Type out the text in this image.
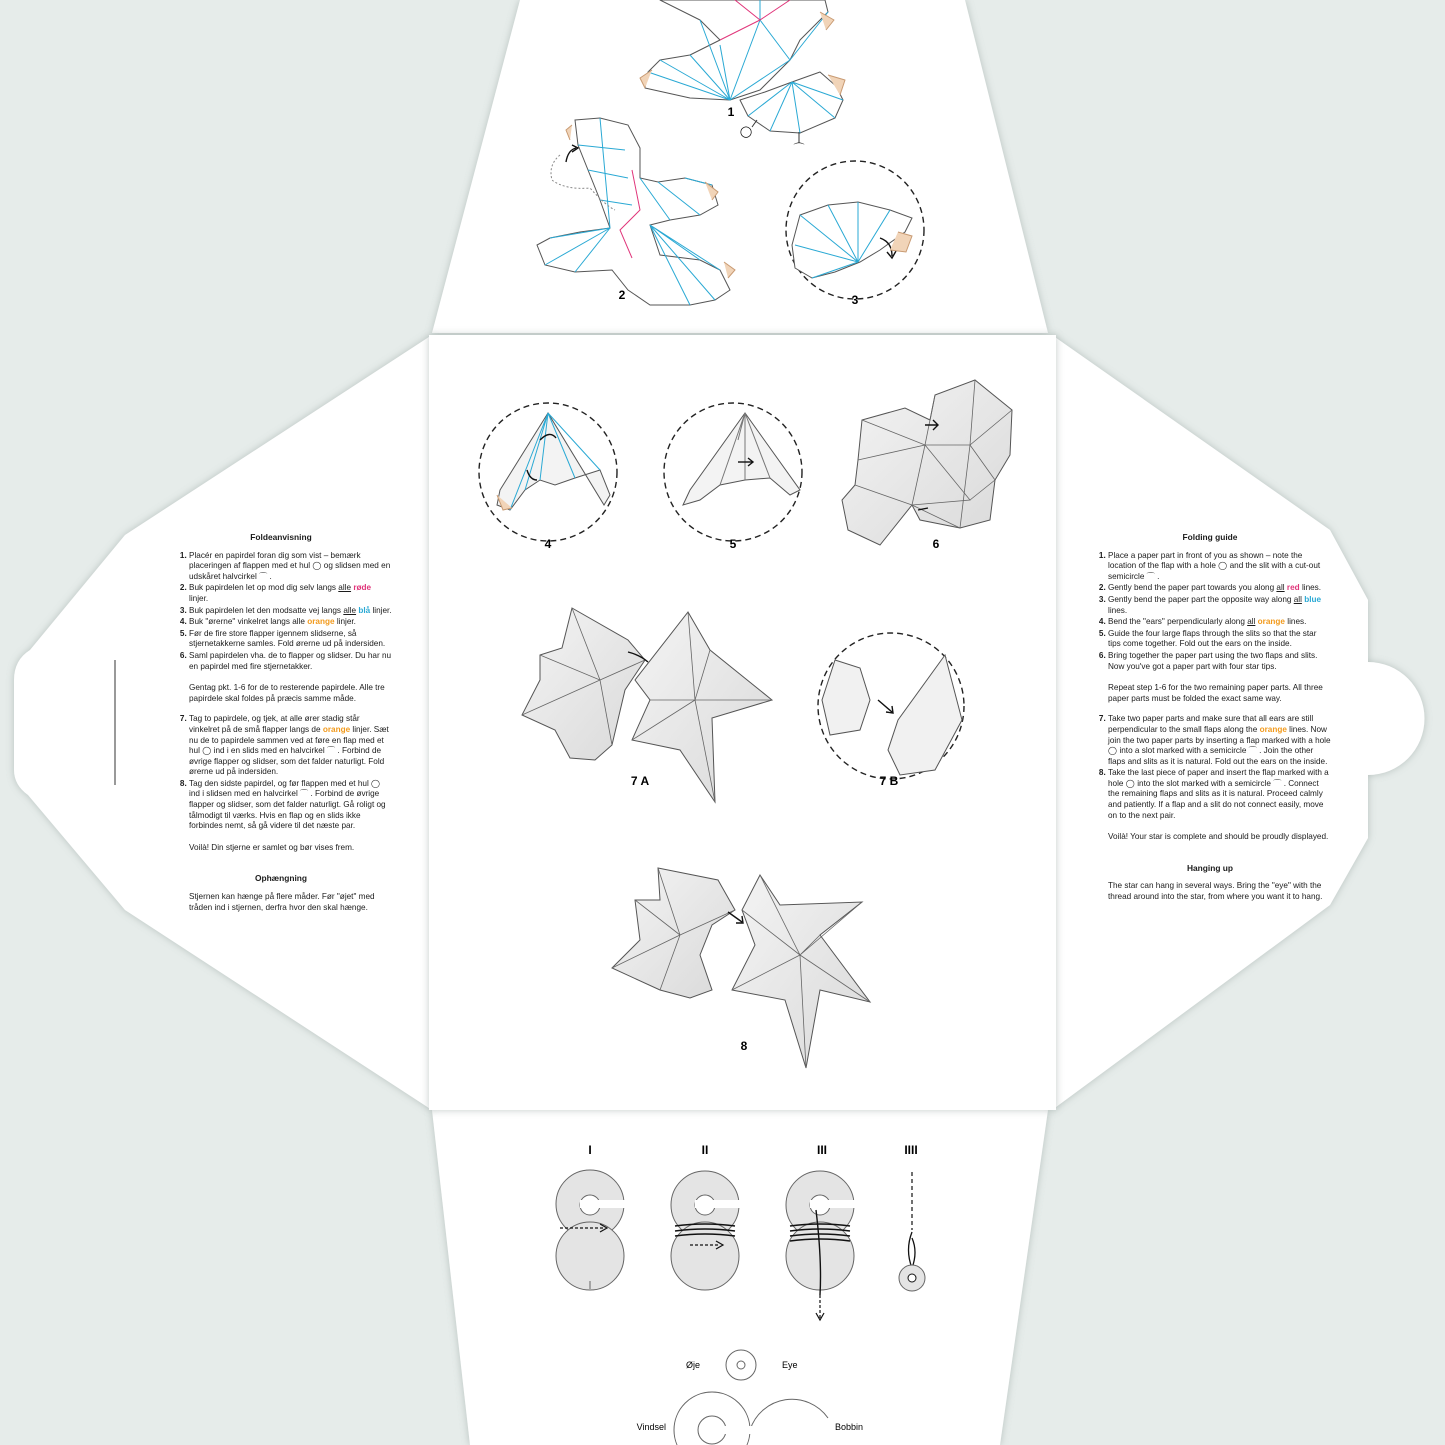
1
◯
⌒
2	3
4	5	6
7 A	7 B
8
I	II	III	IIII
Øje	Eye
Vindsel	Bobbin
Foldeanvisning
1. Placér en papirdel foran dig som vist – bemærk placeringen af flappen med et hul ◯ og slidsen med en udskåret halvcirkel ⌒ .
2. Buk papirdelen let op mod dig selv langs alle røde linjer.
3. Buk papirdelen let den modsatte vej langs alle blå linjer.
4. Buk "ørerne" vinkelret langs alle orange linjer.
5. Før de fire store flapper igennem slidserne, så stjernetakkerne samles. Fold ørerne ud på indersiden.
6. Saml papirdelen vha. de to flapper og slidser. Du har nu en papirdel med fire stjernetakker.

Gentag pkt. 1-6 for de to resterende papirdele. Alle tre papirdele skal foldes på præcis samme måde.

7. Tag to papirdele, og tjek, at alle ører stadig står vinkelret på de små flapper langs de orange linjer. Sæt nu de to papirdele sammen ved at føre en flap med et hul ◯ ind i en slids med en halvcirkel ⌒ . Forbind de øvrige flapper og slidser, som det falder naturligt. Fold ørerne ud på indersiden.
8. Tag den sidste papirdel, og før flappen med et hul ◯ ind i slidsen med en halvcirkel ⌒ . Forbind de øvrige flapper og slidser, som det falder naturligt. Gå roligt og tålmodigt til værks. Hvis en flap og en slids ikke forbindes nemt, så gå videre til det næste par.

Voilà! Din stjerne er samlet og bør vises frem.

Ophængning

Stjernen kan hænge på flere måder. Før "øjet" med tråden ind i stjernen, derfra hvor den skal hænge.

Folding guide
1. Place a paper part in front of you as shown – note the location of the flap with a hole ◯ and the slit with a cut-out semicircle ⌒ .
2. Gently bend the paper part towards you along all red lines.
3. Gently bend the paper part the opposite way along all blue lines.
4. Bend the "ears" perpendicularly along all orange lines.
5. Guide the four large flaps through the slits so that the star tips come together. Fold out the ears on the inside.
6. Bring together the paper part using the two flaps and slits. Now you've got a paper part with four star tips.

Repeat step 1-6 for the two remaining paper parts. All three paper parts must be folded the exact same way.

7. Take two paper parts and make sure that all ears are still perpendicular to the small flaps along the orange lines. Now join the two paper parts by inserting a flap marked with a hole ◯ into a slot marked with a semicircle ⌒ . Join the other flaps and slits as it is natural. Fold out the ears on the inside.
8. Take the last piece of paper and insert the flap marked with a hole ◯ into the slot marked with a semicircle ⌒ . Connect the remaining flaps and slits as it is natural. Proceed calmly and patiently. If a flap and a slit do not connect easily, move on to the next pair.

Voilà! Your star is complete and should be proudly displayed.

Hanging up

The star can hang in several ways. Bring the "eye" with the thread around into the star, from where you want it to hang.
